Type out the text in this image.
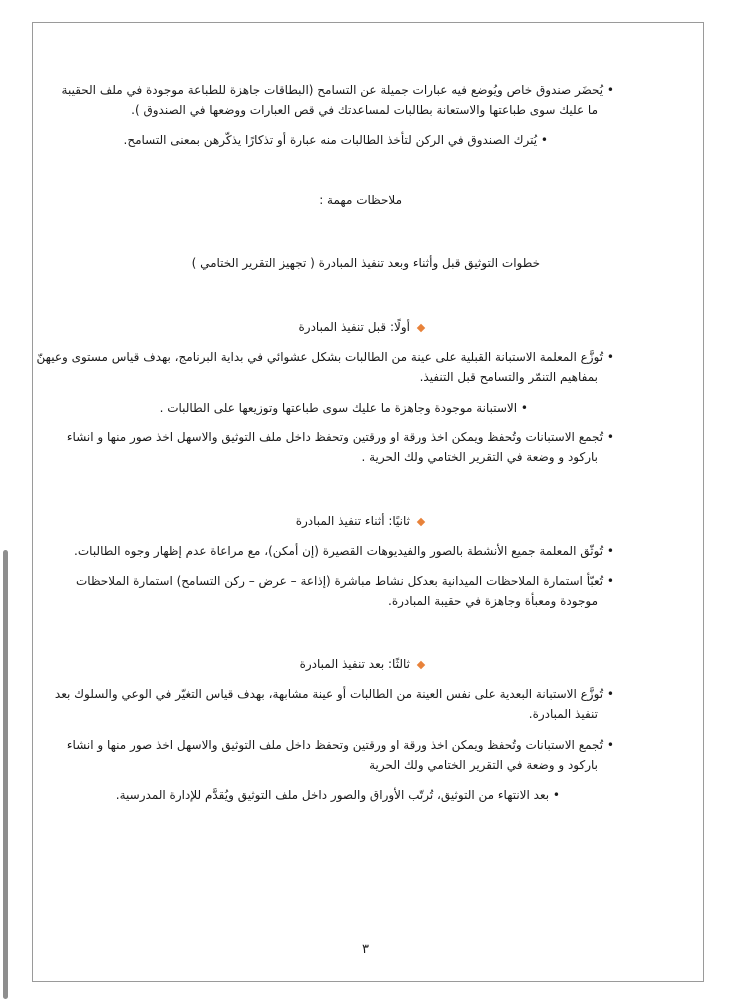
• يُحضَر صندوق خاص ويُوضع فيه عبارات جميلة عن التسامح (البطاقات جاهزة للطباعة موجودة في ملف الحقيبة
ما عليك سوى طباعتها والاستعانة بطالبات لمساعدتك في قص العبارات ووضعها في الصندوق ).
• يُترك الصندوق في الركن لتأخذ الطالبات منه عبارة أو تذكارًا يذكّرهن بمعنى التسامح.
ملاحظات مهمة :
خطوات التوثيق قبل وأثناء وبعد تنفيذ المبادرة ( تجهيز التقرير الختامي )
أولًا: قبل تنفيذ المبادرة
• تُوزَّع المعلمة الاستبانة القبلية على عينة من الطالبات بشكل عشوائي في بداية البرنامج، بهدف قياس مستوى وعيهنّ
بمفاهيم التنمّر والتسامح قبل التنفيذ.
• الاستبانة موجودة وجاهزة ما عليك سوى طباعتها وتوزيعها على الطالبات .
• تُجمع الاستبانات وتُحفظ ويمكن اخذ ورقة او ورقتين وتحفظ داخل ملف التوثيق والاسهل اخذ صور منها و انشاء
باركود و وضعة في التقرير الختامي ولك الحرية .
ثانيًا: أثناء تنفيذ المبادرة
• تُوثّق المعلمة جميع الأنشطة بالصور والفيديوهات القصيرة (إن أمكن)، مع مراعاة عدم إظهار وجوه الطالبات.
• تُعبّأ استمارة الملاحظات الميدانية بعدكل نشاط مباشرة (إذاعة – عرض – ركن التسامح) استمارة الملاحظات
موجودة ومعبأة وجاهزة في حقيبة المبادرة.
ثالثًا: بعد تنفيذ المبادرة
• تُوزَّع الاستبانة البعدية على نفس العينة من الطالبات أو عينة مشابهة، بهدف قياس التغيّر في الوعي والسلوك بعد
تنفيذ المبادرة.
• تُجمع الاستبانات وتُحفظ ويمكن اخذ ورقة او ورقتين وتحفظ داخل ملف التوثيق والاسهل اخذ صور منها و انشاء
باركود و وضعة في التقرير الختامي ولك الحرية
• بعد الانتهاء من التوثيق، تُرتّب الأوراق والصور داخل ملف التوثيق ويُقدَّم للإدارة المدرسية.
٣
